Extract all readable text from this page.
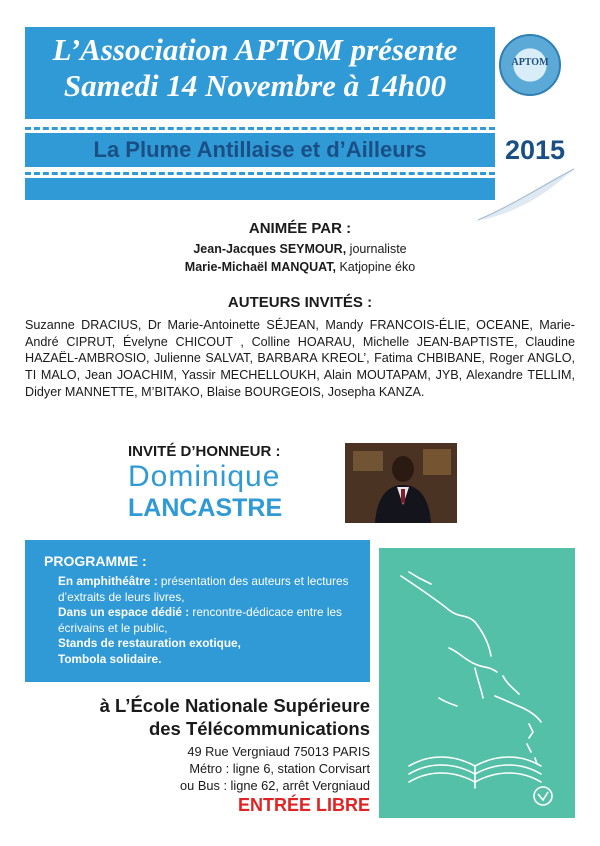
L’Association APTOM présente
Samedi 14 Novembre à 14h00
APTOM
La Plume Antillaise et d’Ailleurs	2015
ANIMÉE PAR :
Jean-Jacques SEYMOUR, journaliste
Marie-Michaël MANQUAT, Katjopine éko
AUTEURS INVITÉS :
Suzanne DRACIUS, Dr Marie-Antoinette SÉJEAN, Mandy FRANCOIS-ÉLIE, OCEANE, Marie-André CIPRUT, Évelyne CHICOUT , Colline HOARAU, Michelle JEAN-BAPTISTE, Claudine HAZAËL-AMBROSIO, Julienne SALVAT, BARBARA KREOL’, Fatima CHBIBANE, Roger ANGLO, TI MALO, Jean JOACHIM, Yassir MECHELLOUKH, Alain MOUTAPAM, JYB, Alexandre TELLIM, Didyer MANNETTE, M’BITAKO, Blaise BOURGEOIS, Josepha KANZA.
INVITÉ D’HONNEUR :
Dominique
LANCASTRE
PROGRAMME :
En amphithéâtre : présentation des auteurs et lectures d’extraits de leurs livres,
Dans un espace dédié : rencontre-dédicace entre les écrivains et le public,
Stands de restauration exotique,
Tombola solidaire.
à L’École Nationale Supérieure
des Télécommunications
49 Rue Vergniaud 75013 PARIS
Métro : ligne 6, station Corvisart
ou Bus : ligne 62, arrêt Vergniaud
ENTRÉE LIBRE
